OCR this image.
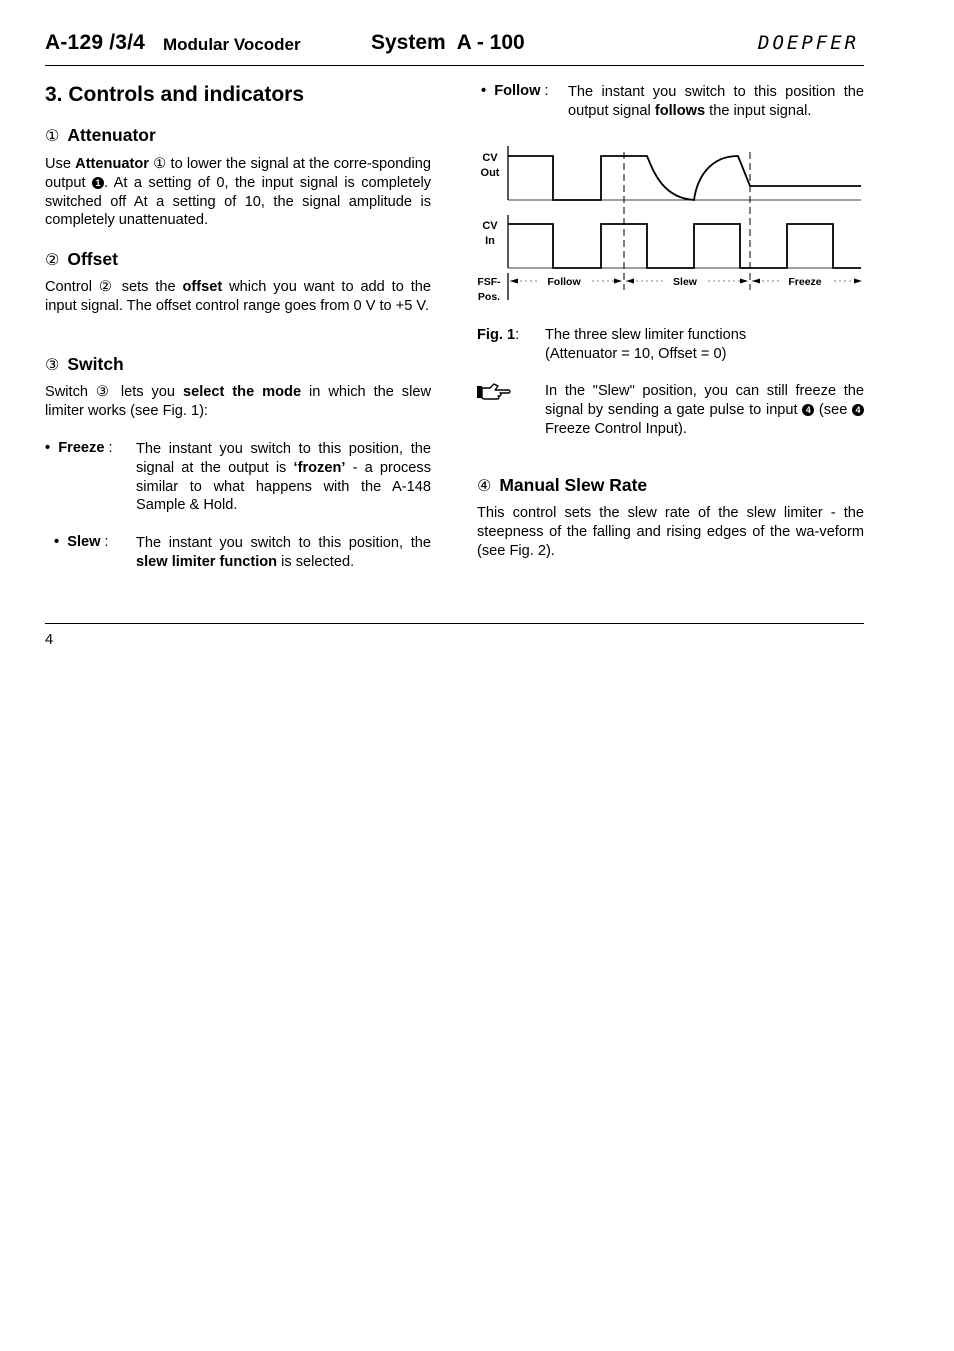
A-129 /3/4 Modular Vocoder	System  A - 100	DOEPFER
3. Controls and indicators
① Attenuator
Use Attenuator ① to lower the signal at the corre-sponding output 1 . At a setting of 0, the input signal is completely switched off At a setting of 10, the signal amplitude is completely unattenuated.
② Offset
Control ② sets the offset which you want to add to the input signal. The offset control range goes from 0 V to +5 V.
③ Switch
Switch ③ lets you select the mode in which the slew limiter works (see Fig. 1):
•  Freeze : The instant you switch to this position, the signal at the output is ‘frozen’ - a process similar to what happens with the A-148 Sample & Hold.
•  Slew : The instant you switch to this position, the slew limiter function is selected.
•  Follow : The instant you switch to this position the output signal follows the input signal.
CV
Out
CV
In
FSF-
Pos.
Follow	Slew	Freeze
Fig. 1: The three slew limiter functions
(Attenuator = 10, Offset = 0)
In the "Slew" position, you can still freeze the signal by sending a gate pulse to input 4 (see 4 Freeze Control Input).
④ Manual Slew Rate
This control sets the slew rate of the slew limiter - the steepness of the falling and rising edges of the wa-veform (see Fig. 2).
4
